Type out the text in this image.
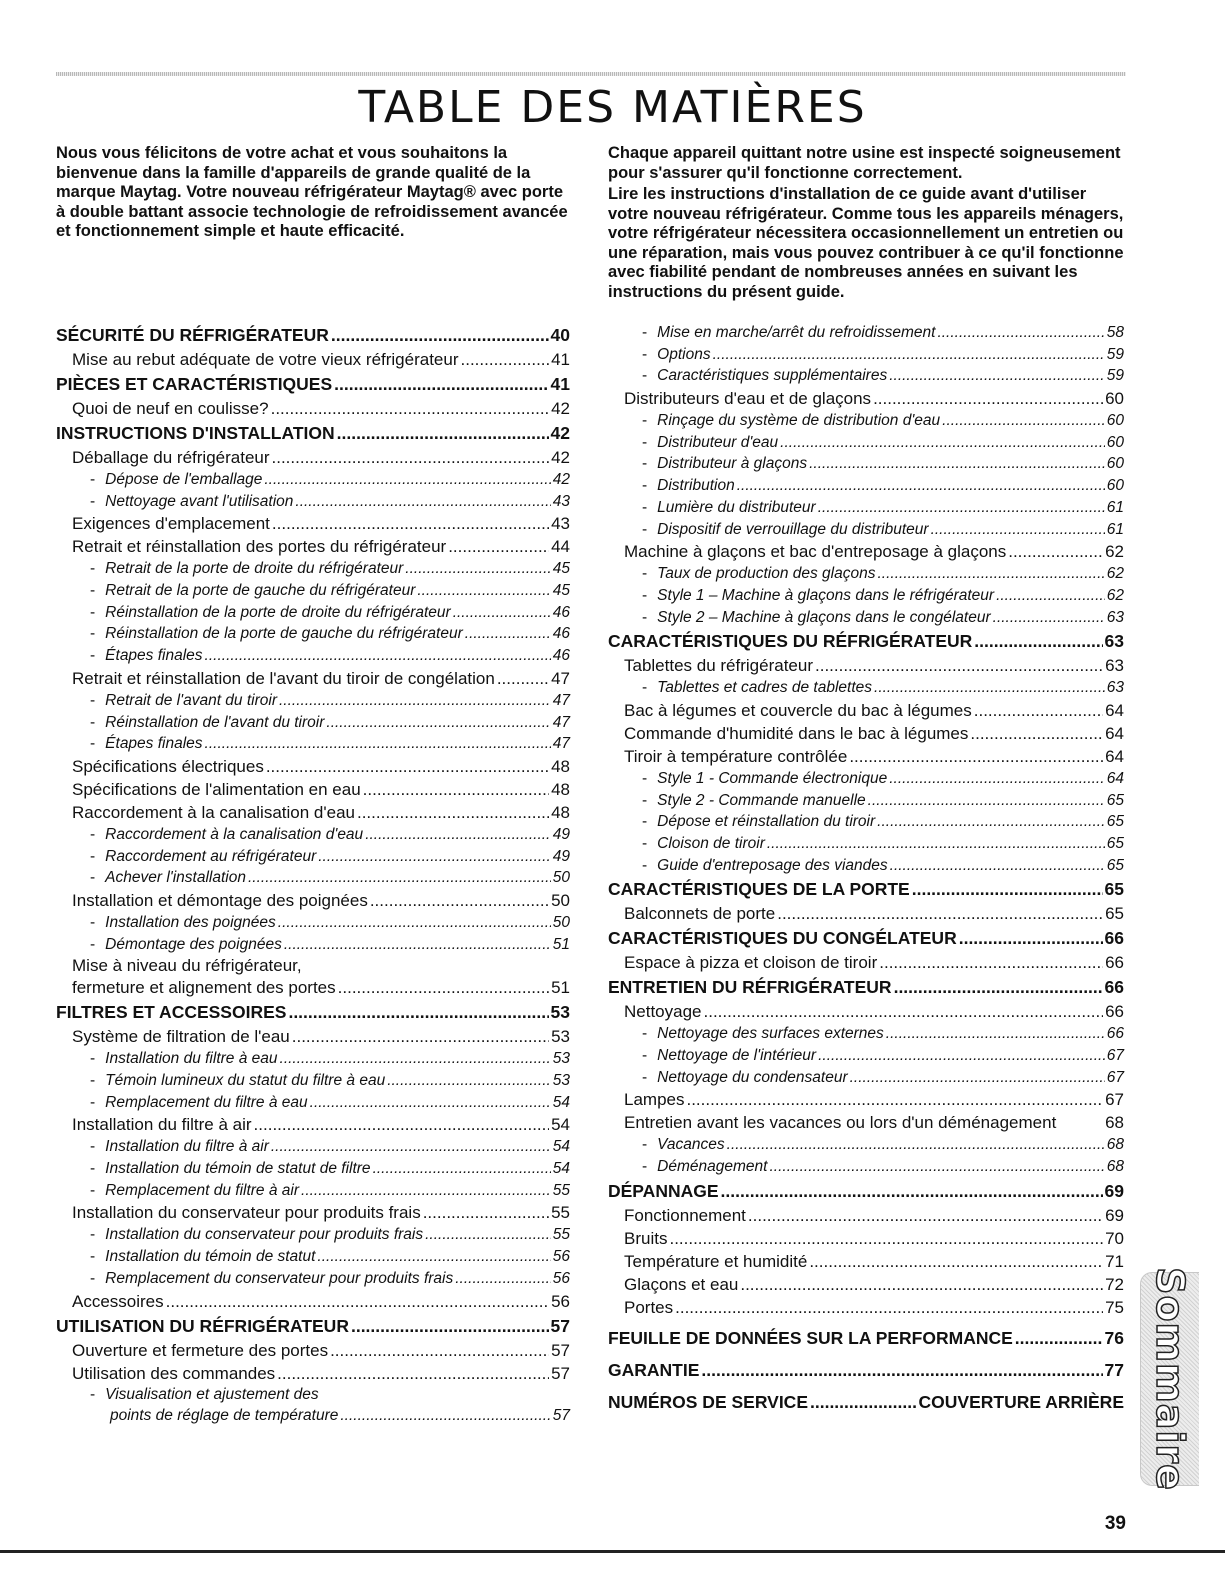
TABLE DES MATIÈRES

Nous vous félicitons de votre achat et vous souhaitons la bienvenue dans la famille d'appareils de grande qualité de la marque Maytag. Votre nouveau réfrigérateur Maytag® avec porte à double battant associe technologie de refroidissement avancée et fonctionnement simple et haute efficacité.

Chaque appareil quittant notre usine est inspecté soigneusement pour s'assurer qu'il fonctionne correctement.

Lire les instructions d'installation de ce guide avant d'utiliser votre nouveau réfrigérateur. Comme tous les appareils ménagers, votre réfrigérateur nécessitera occasionnellement un entretien ou une réparation, mais vous pouvez contribuer à ce qu'il fonctionne avec fiabilité pendant de nombreuses années en suivant les instructions du présent guide.

SÉCURITÉ DU RÉFRIGÉRATEUR .....	40
Mise au rebut adéquate de votre vieux réfrigérateur .....	41
PIÈCES ET CARACTÉRISTIQUES .....	41
Quoi de neuf en coulisse? .....	42
INSTRUCTIONS D'INSTALLATION .....	42
Déballage du réfrigérateur .....	42
- Dépose de l'emballage .....	42
- Nettoyage avant l'utilisation .....	43
Exigences d'emplacement .....	43
Retrait et réinstallation des portes du réfrigérateur .....	44
- Retrait de la porte de droite du réfrigérateur .....	45
- Retrait de la porte de gauche du réfrigérateur .....	45
- Réinstallation de la porte de droite du réfrigérateur .....	46
- Réinstallation de la porte de gauche du réfrigérateur .....	46
- Étapes finales .....	46
Retrait et réinstallation de l'avant du tiroir de congélation .....	47
- Retrait de l'avant du tiroir .....	47
- Réinstallation de l'avant du tiroir .....	47
- Étapes finales .....	47
Spécifications électriques .....	48
Spécifications de l'alimentation en eau .....	48
Raccordement à la canalisation d'eau .....	48
- Raccordement à la canalisation d'eau .....	49
- Raccordement au réfrigérateur .....	49
- Achever l'installation .....	50
Installation et démontage des poignées .....	50
- Installation des poignées .....	50
- Démontage des poignées .....	51
Mise à niveau du réfrigérateur,
fermeture et alignement des portes .....	51
FILTRES ET ACCESSOIRES .....	53
Système de filtration de l'eau .....	53
- Installation du filtre à eau .....	53
- Témoin lumineux du statut du filtre à eau .....	53
- Remplacement du filtre à eau .....	54
Installation du filtre à air .....	54
- Installation du filtre à air .....	54
- Installation du témoin de statut de filtre .....	54
- Remplacement du filtre à air .....	55
Installation du conservateur pour produits frais .....	55
- Installation du conservateur pour produits frais .....	55
- Installation du témoin de statut .....	56
- Remplacement du conservateur pour produits frais .....	56
Accessoires .....	56
UTILISATION DU RÉFRIGÉRATEUR .....	57
Ouverture et fermeture des portes .....	57
Utilisation des commandes .....	57
- Visualisation et ajustement des
points de réglage de température .....	57
- Mise en marche/arrêt du refroidissement .....	58
- Options .....	59
- Caractéristiques supplémentaires .....	59
Distributeurs d'eau et de glaçons .....	60
- Rinçage du système de distribution d'eau .....	60
- Distributeur d'eau .....	60
- Distributeur à glaçons .....	60
- Distribution .....	60
- Lumière du distributeur .....	61
- Dispositif de verrouillage du distributeur .....	61
Machine à glaçons et bac d'entreposage à glaçons .....	62
- Taux de production des glaçons .....	62
- Style 1 – Machine à glaçons dans le réfrigérateur .....	62
- Style 2 – Machine à glaçons dans le congélateur .....	63
CARACTÉRISTIQUES DU RÉFRIGÉRATEUR .....	63
Tablettes du réfrigérateur .....	63
- Tablettes et cadres de tablettes .....	63
Bac à légumes et couvercle du bac à légumes .....	64
Commande d'humidité dans le bac à légumes .....	64
Tiroir à température contrôlée .....	64
- Style 1 - Commande électronique .....	64
- Style 2 - Commande manuelle .....	65
- Dépose et réinstallation du tiroir .....	65
- Cloison de tiroir .....	65
- Guide d'entreposage des viandes .....	65
CARACTÉRISTIQUES DE LA PORTE .....	65
Balconnets de porte .....	65
CARACTÉRISTIQUES DU CONGÉLATEUR .....	66
Espace à pizza et cloison de tiroir .....	66
ENTRETIEN DU RÉFRIGÉRATEUR .....	66
Nettoyage .....	66
- Nettoyage des surfaces externes .....	66
- Nettoyage de l'intérieur .....	67
- Nettoyage du condensateur .....	67
Lampes .....	67
Entretien avant les vacances ou lors d'un déménagement	68
- Vacances .....	68
- Déménagement .....	68
DÉPANNAGE .....	69
Fonctionnement .....	69
Bruits .....	70
Température et humidité .....	71
Glaçons et eau .....	72
Portes .....	75
FEUILLE DE DONNÉES SUR LA PERFORMANCE .....	76
GARANTIE .....	77
NUMÉROS DE SERVICE .....	COUVERTURE ARRIÈRE Sommaire
39
